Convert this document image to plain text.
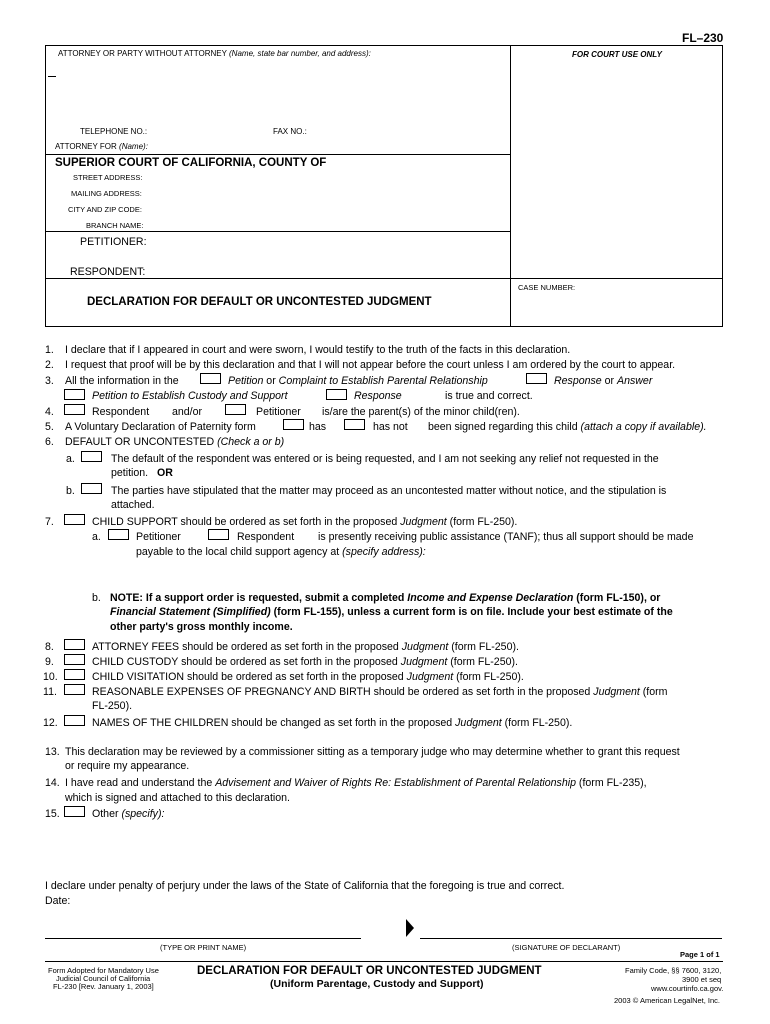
FL–230
ATTORNEY OR PARTY WITHOUT ATTORNEY (Name, state bar number, and address):	FOR COURT USE ONLY
TELEPHONE NO.:	FAX NO.:
ATTORNEY FOR (Name):
SUPERIOR COURT OF CALIFORNIA, COUNTY OF
STREET ADDRESS:
MAILING ADDRESS:
CITY AND ZIP CODE:
BRANCH NAME:
PETITIONER:
RESPONDENT:
CASE NUMBER:
DECLARATION FOR DEFAULT OR UNCONTESTED JUDGMENT
1. I declare that if I appeared in court and were sworn, I would testify to the truth of the facts in this declaration.
2. I request that proof will be by this declaration and that I will not appear before the court unless I am ordered by the court to appear.
3. All the information in the	Petition or Complaint to Establish Parental Relationship	Response or Answer
Petition to Establish Custody and Support	Response	is true and correct.
4.	Respondent and/or	Petitioner is/are the parent(s) of the minor child(ren).
5. A Voluntary Declaration of Paternity form	has	has not been signed regarding this child (attach a copy if available).
6. DEFAULT OR UNCONTESTED (Check a or b)
a.	The default of the respondent was entered or is being requested, and I am not seeking any relief not requested in the
petition. OR
b.	The parties have stipulated that the matter may proceed as an uncontested matter without notice, and the stipulation is
attached.
7.	CHILD SUPPORT should be ordered as set forth in the proposed Judgment (form FL-250).
a.	Petitioner	Respondent is presently receiving public assistance (TANF); thus all support should be made
payable to the local child support agency at (specify address):
b. NOTE: If a support order is requested, submit a completed Income and Expense Declaration (form FL-150), or
Financial Statement (Simplified) (form FL-155), unless a current form is on file. Include your best estimate of the
other party's gross monthly income.
8.	ATTORNEY FEES should be ordered as set forth in the proposed Judgment (form FL-250).
9.	CHILD CUSTODY should be ordered as set forth in the proposed Judgment (form FL-250).
10.	CHILD VISITATION should be ordered as set forth in the proposed Judgment (form FL-250).
11.	REASONABLE EXPENSES OF PREGNANCY AND BIRTH should be ordered as set forth in the proposed Judgment (form
FL-250).
12.	NAMES OF THE CHILDREN should be changed as set forth in the proposed Judgment (form FL-250).
13. This declaration may be reviewed by a commissioner sitting as a temporary judge who may determine whether to grant this request
or require my appearance.
14. I have read and understand the Advisement and Waiver of Rights Re: Establishment of Parental Relationship (form FL-235),
which is signed and attached to this declaration.
15.	Other (specify):
I declare under penalty of perjury under the laws of the State of California that the foregoing is true and correct.
Date:
(TYPE OR PRINT NAME)	(SIGNATURE OF DECLARANT)
Page 1 of 1
Form Adopted for Mandatory Use
Judicial Council of California
FL-230 [Rev. January 1, 2003]
DECLARATION FOR DEFAULT OR UNCONTESTED JUDGMENT
(Uniform Parentage, Custody and Support)
Family Code, §§ 7600, 3120,
3900 et seq
www.courtinfo.ca.gov.
2003 © American LegalNet, Inc.
